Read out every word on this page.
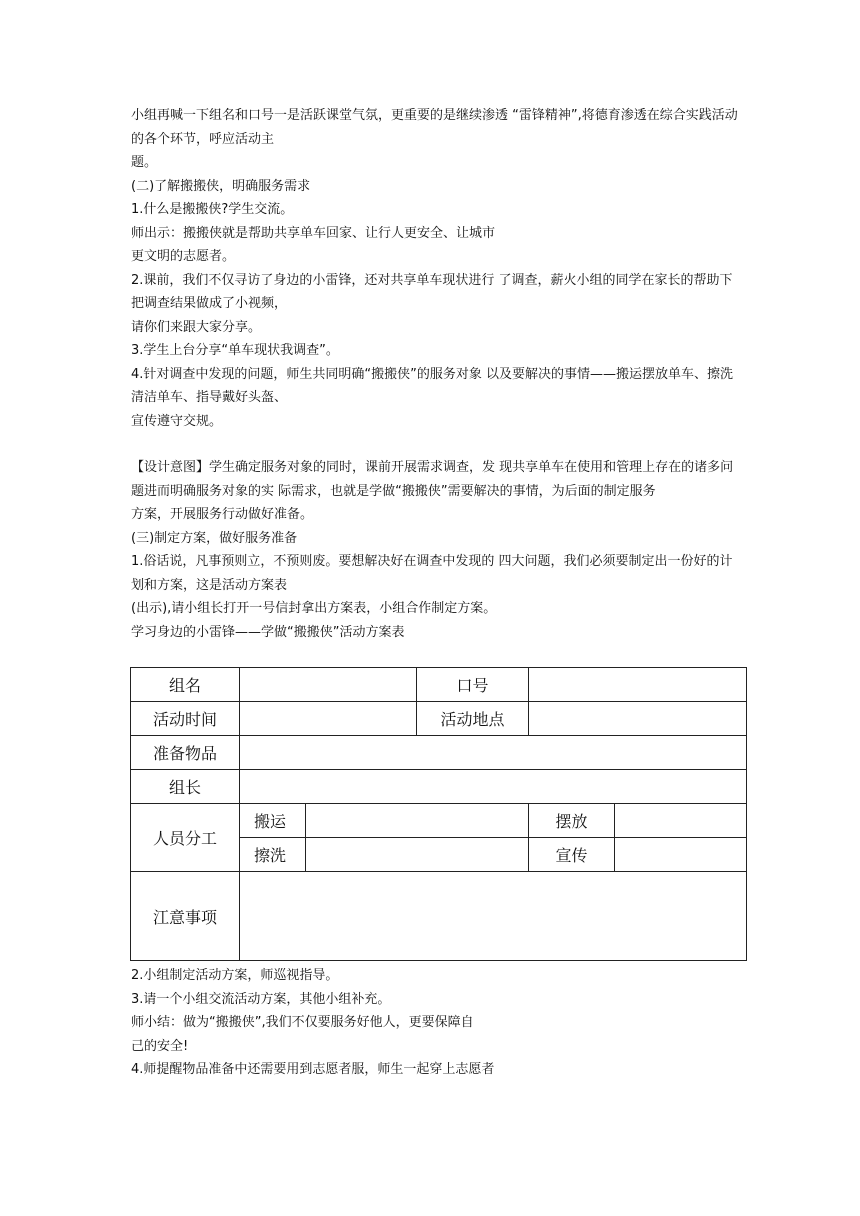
小组再喊一下组名和口号一是活跃课堂气氛，更重要的是继续渗透 “雷锋精神”,将德育渗透在综合实践活动的各个环节，呼应活动主

题。

(二)了解搬搬侠，明确服务需求

1.什么是搬搬侠?学生交流。

师出示：搬搬侠就是帮助共享单车回家、让行人更安全、让城市

更文明的志愿者。

2.课前，我们不仅寻访了身边的小雷锋，还对共享单车现状进行 了调查，薪火小组的同学在家长的帮助下把调查结果做成了小视频，

请你们来跟大家分享。

3.学生上台分享“单车现状我调查”。

4.针对调查中发现的问题，师生共同明确“搬搬侠”的服务对象 以及要解决的事情——搬运摆放单车、擦洗清洁单车、指导戴好头盔、

宣传遵守交规。

【设计意图】学生确定服务对象的同时，课前开展需求调查，发 现共享单车在使用和管理上存在的诸多问题进而明确服务对象的实 际需求，也就是学做“搬搬侠”需要解决的事情，为后面的制定服务

方案，开展服务行动做好准备。

(三)制定方案，做好服务准备

1.俗话说，凡事预则立，不预则废。要想解决好在调查中发现的 四大问题，我们必须要制定出一份好的计划和方案，这是活动方案表

(出示),请小组长打开一号信封拿出方案表，小组合作制定方案。

学习身边的小雷锋——学做“搬搬侠”活动方案表

组名			口号		
活动时间			活动地点		
准备物品					
组长					
人员分工	搬运			摆放	
	擦洗			宣传	
江意事项					

2.小组制定活动方案，师巡视指导。

3.请一个小组交流活动方案，其他小组补充。

师小结：做为“搬搬侠”,我们不仅要服务好他人，更要保障自

己的安全!

4.师提醒物品准备中还需要用到志愿者服，师生一起穿上志愿者
